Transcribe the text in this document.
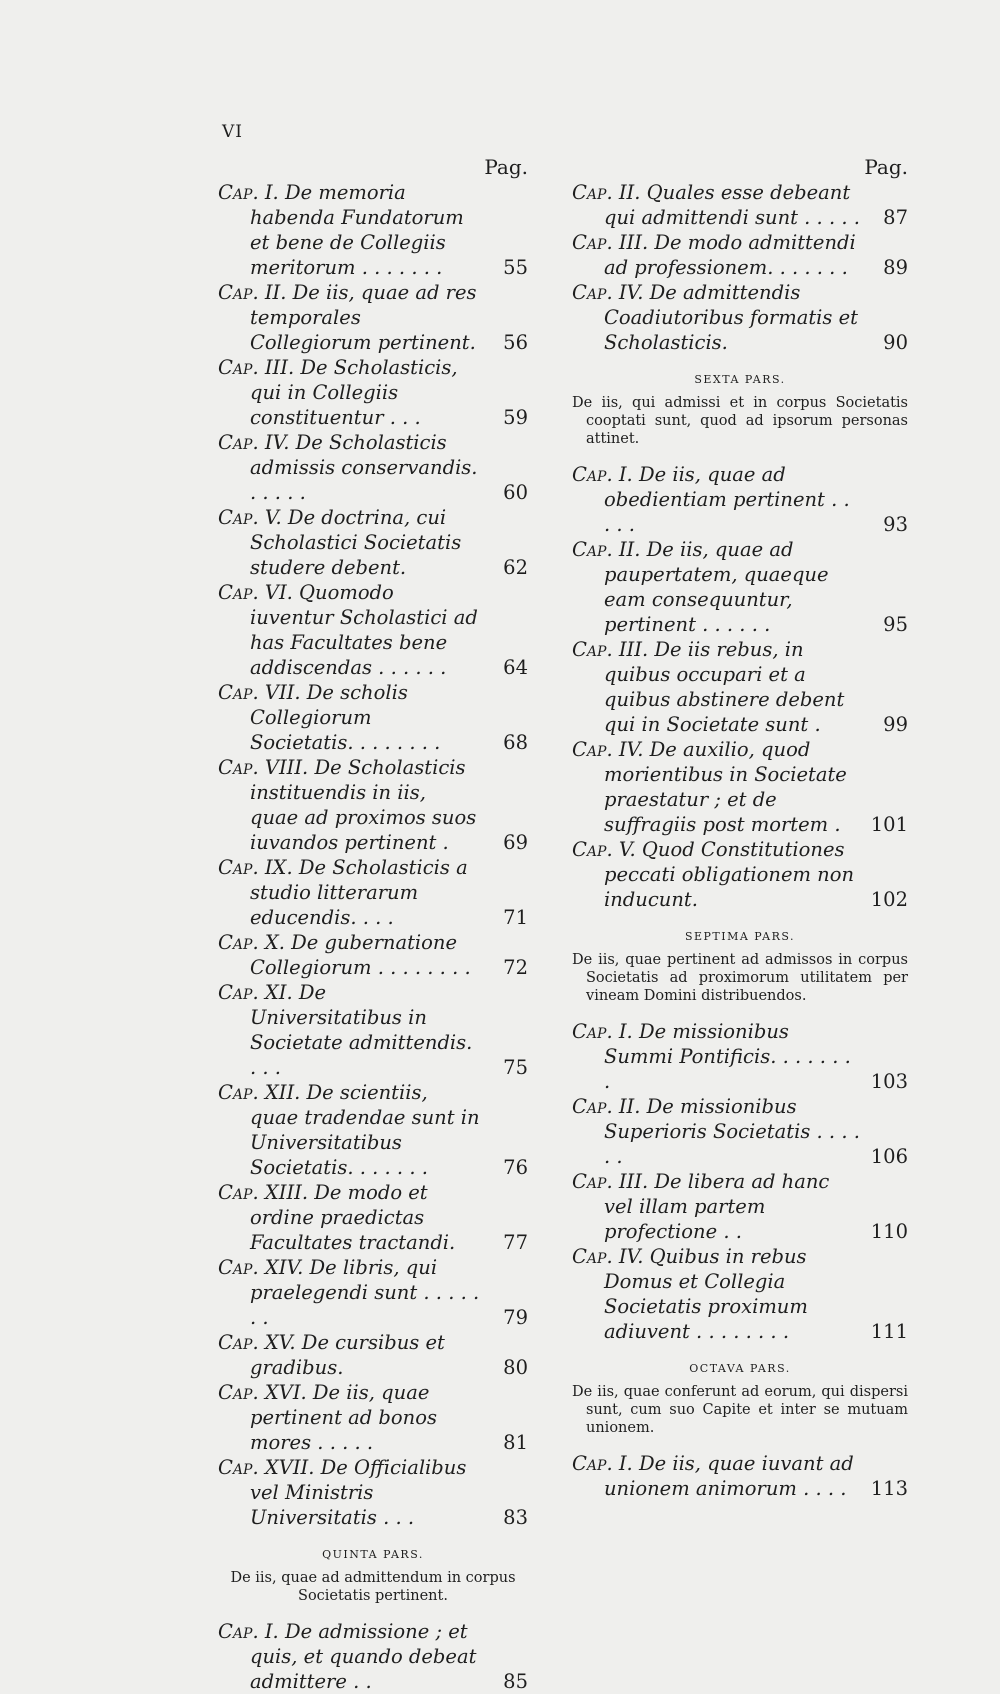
VI
Pag.
Cap. I. De memoria habenda Fundatorum et bene de Collegiis meritorum . . . . . . .	55
Cap. II. De iis, quae ad res temporales Collegiorum pertinent.	56
Cap. III. De Scholasticis, qui in Collegiis constituentur . . .	59
Cap. IV. De Scholasticis admissis conservandis. . . . . .	60
Cap. V. De doctrina, cui Scholastici Societatis studere debent.	62
Cap. VI. Quomodo iuventur Scholastici ad has Facultates bene addiscendas . . . . . .	64
Cap. VII. De scholis Collegiorum Societatis. . . . . . . .	68
Cap. VIII. De Scholasticis instituendis in iis, quae ad proximos suos iuvandos pertinent .	69
Cap. IX. De Scholasticis a studio litterarum educendis. . . .	71
Cap. X. De gubernatione Collegiorum . . . . . . . .	72
Cap. XI. De Universitatibus in Societate admittendis. . . .	75
Cap. XII. De scientiis, quae tradendae sunt in Universitatibus Societatis. . . . . . .	76
Cap. XIII. De modo et ordine praedictas Facultates tractandi.	77
Cap. XIV. De libris, qui praelegendi sunt . . . . . . .	79
Cap. XV. De cursibus et gradibus.	80
Cap. XVI. De iis, quae pertinent ad bonos mores . . . . .	81
Cap. XVII. De Officialibus vel Ministris Universitatis . . .	83
QUINTA PARS.
De iis, quae ad admittendum in corpus Societatis pertinent.
Cap. I. De admissione ; et quis, et quando debeat admittere . .	85
Pag.
Cap. II. Quales esse debeant qui admittendi sunt . . . . .	87
Cap. III. De modo admittendi ad professionem. . . . . . .	89
Cap. IV. De admittendis Coadiutoribus formatis et Scholasticis.	90
SEXTA PARS.
De iis, qui admissi et in corpus Societatis cooptati sunt, quod ad ipsorum personas attinet.
Cap. I. De iis, quae ad obedientiam pertinent . . . . .	93
Cap. II. De iis, quae ad paupertatem, quaeque eam consequuntur, pertinent . . . . . .	95
Cap. III. De iis rebus, in quibus occupari et a quibus abstinere debent qui in Societate sunt .	99
Cap. IV. De auxilio, quod morientibus in Societate praestatur ; et de suffragiis post mortem .	101
Cap. V. Quod Constitutiones peccati obligationem non inducunt.	102
SEPTIMA PARS.
De iis, quae pertinent ad admissos in corpus Societatis ad proximorum utilitatem per vineam Domini distribuendos.
Cap. I. De missionibus Summi Pontificis. . . . . . . .	103
Cap. II. De missionibus Superioris Societatis . . . . . .	106
Cap. III. De libera ad hanc vel illam partem profectione . .	110
Cap. IV. Quibus in rebus Domus et Collegia Societatis proximum adiuvent . . . . . . . .	111
OCTAVA PARS.
De iis, quae conferunt ad eorum, qui dispersi sunt, cum suo Capite et inter se mutuam unionem.
Cap. I. De iis, quae iuvant ad unionem animorum . . . .	113
